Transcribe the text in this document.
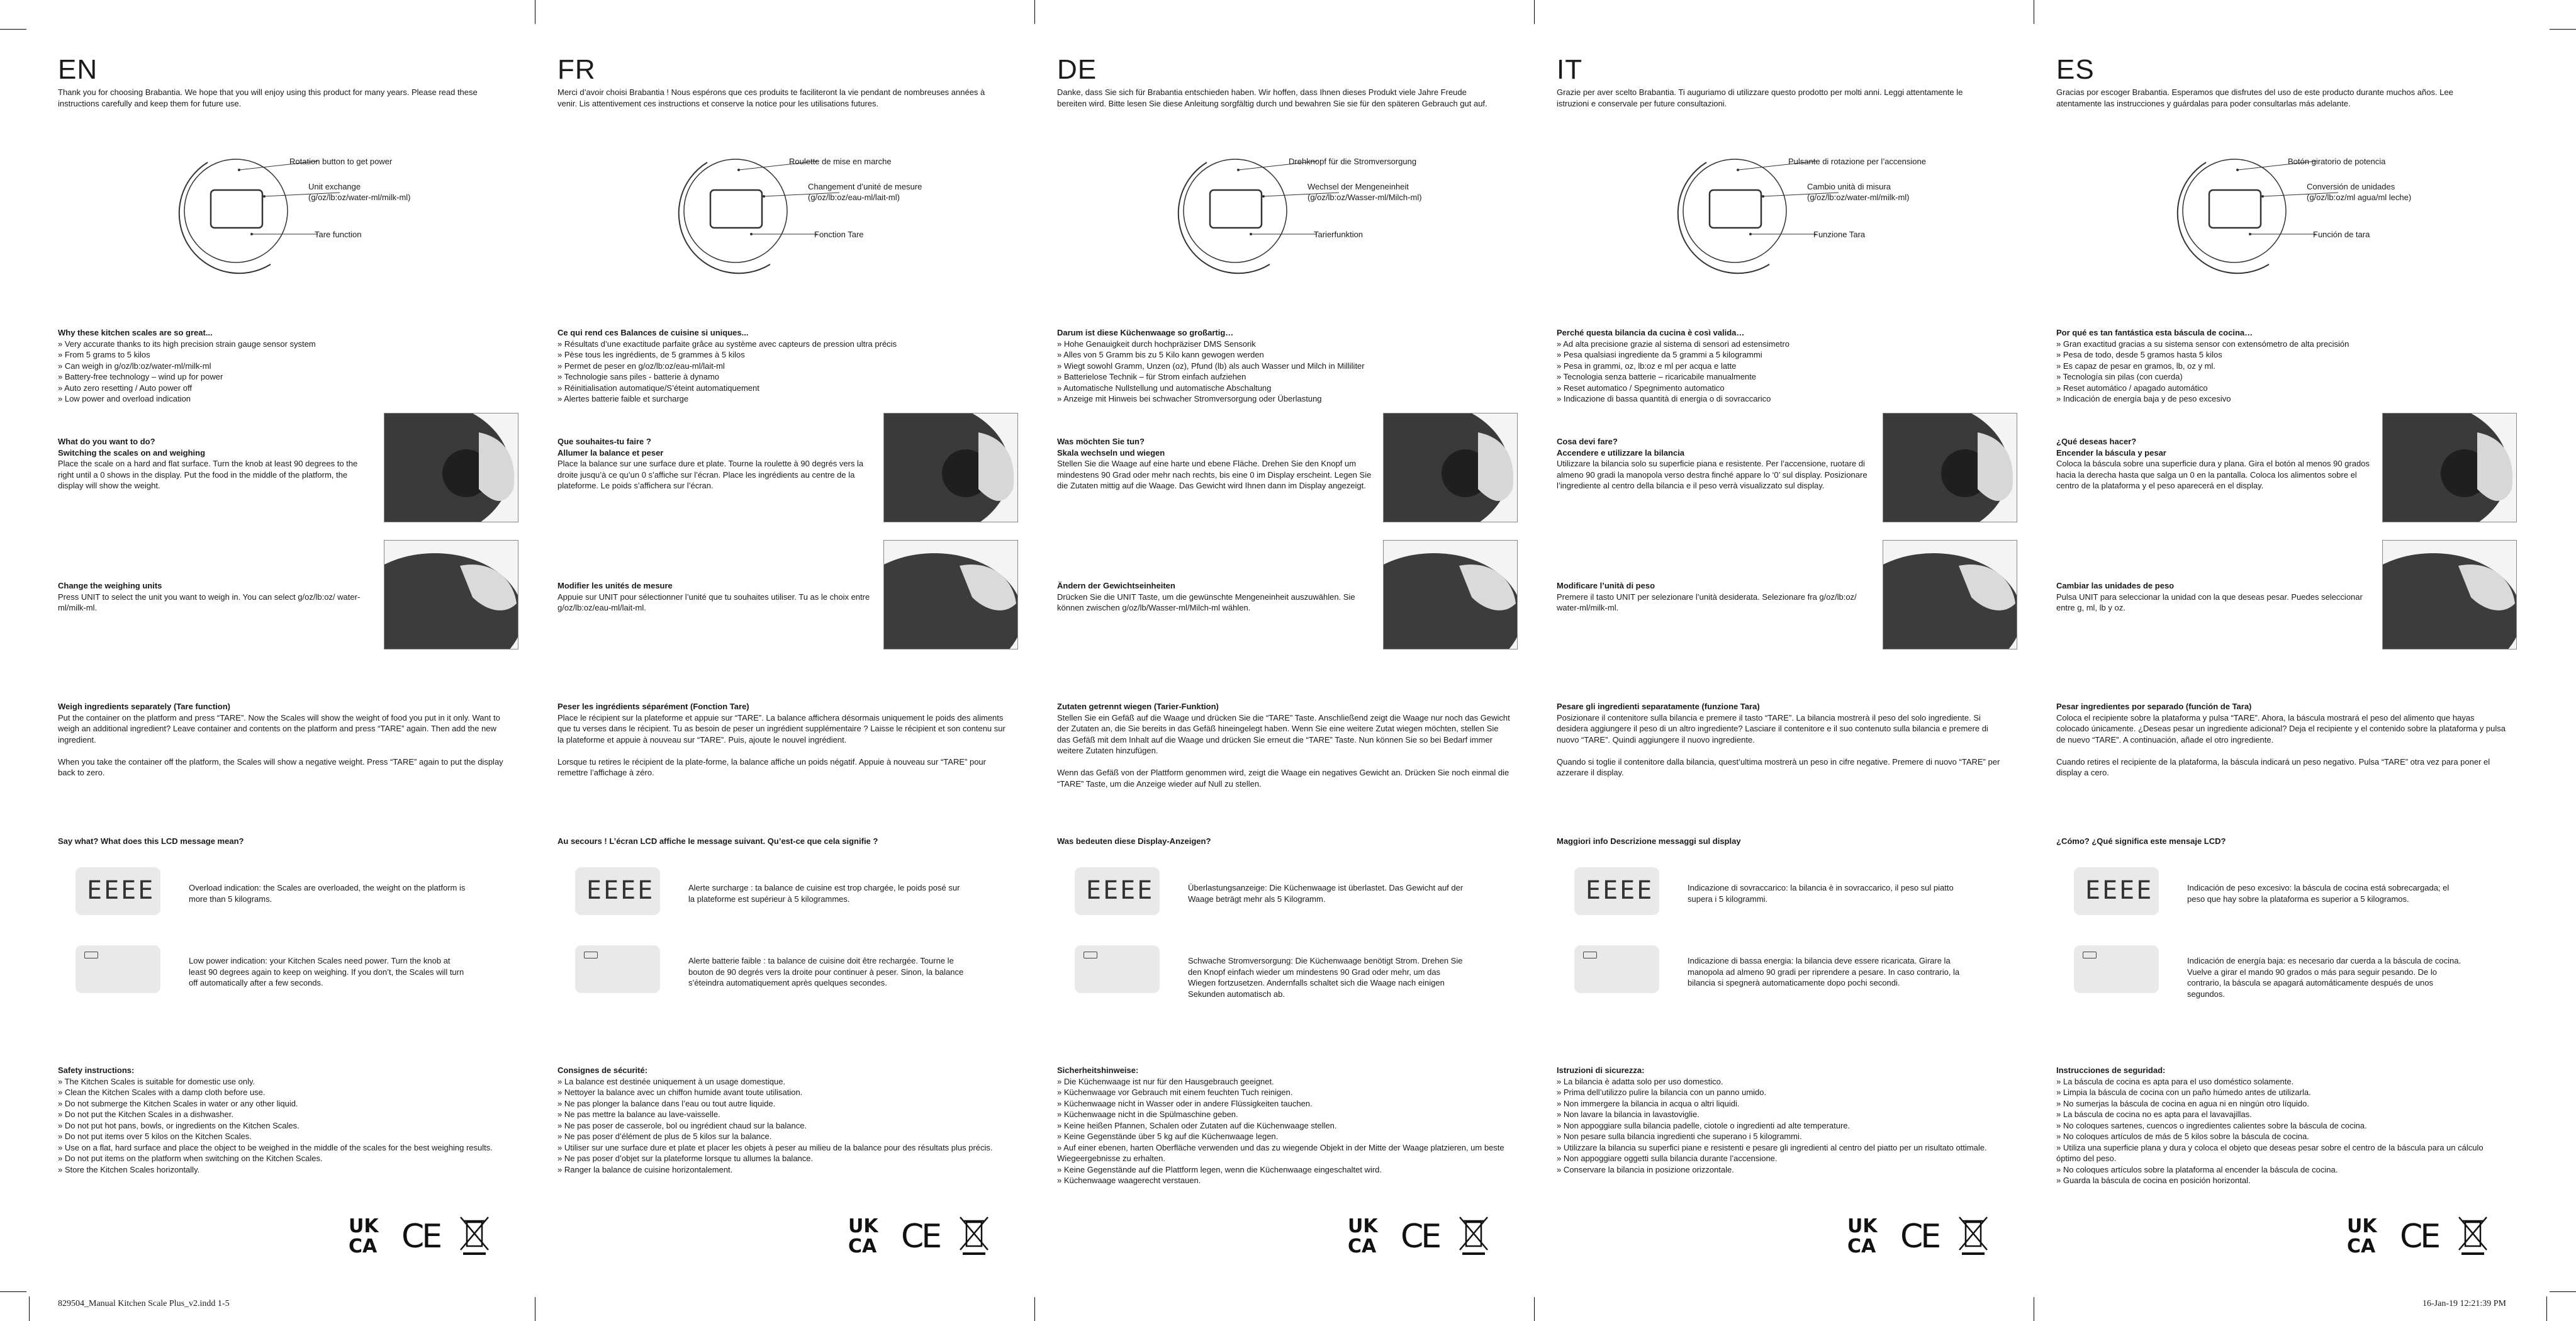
EN
Thank you for choosing Brabantia. We hope that you will enjoy using this product for many years. Please read these instructions carefully and keep them for future use.
Rotation button to get power
Unit exchange
(g/oz/lb:oz/water-ml/milk-ml)
Tare function
Why these kitchen scales are so great...
» Very accurate thanks to its high precision strain gauge sensor system
» From 5 grams to 5 kilos
» Can weigh in g/oz/lb:oz/water-ml/milk-ml
» Battery-free technology – wind up for power
» Auto zero resetting / Auto power off
» Low power and overload indication
What do you want to do?
Switching the scales on and weighing
Place the scale on a hard and flat surface. Turn the knob at least 90 degrees to the right until a 0 shows in the display. Put the food in the middle of the platform, the display will show the weight.
Change the weighing units
Press UNIT to select the unit you want to weigh in. You can select g/oz/lb:oz/ water-ml/milk-ml.
Weigh ingredients separately (Tare function)
Put the container on the platform and press “TARE”. Now the Scales will show the weight of food you put in it only. Want to weigh an additional ingredient? Leave container and contents on the platform and press “TARE” again. Then add the new ingredient.

When you take the container off the platform, the Scales will show a negative weight. Press “TARE” again to put the display back to zero.
Say what? What does this LCD message mean?
EEEE	Overload indication: the Scales are overloaded, the weight on the platform is more than 5 kilograms.
Low power indication: your Kitchen Scales need power. Turn the knob at least 90 degrees again to keep on weighing. If you don’t, the Scales will turn off automatically after a few seconds.
Safety instructions:
» The Kitchen Scales is suitable for domestic use only.
» Clean the Kitchen Scales with a damp cloth before use.
» Do not submerge the Kitchen Scales in water or any other liquid.
» Do not put the Kitchen Scales in a dishwasher.
» Do not put hot pans, bowls, or ingredients on the Kitchen Scales.
» Do not put items over 5 kilos on the Kitchen Scales.
» Use on a flat, hard surface and place the object to be weighed in the middle of the scales for the best weighing results.
» Do not put items on the platform when switching on the Kitchen Scales.
» Store the Kitchen Scales horizontally.
UK
CA CE
FR
Merci d’avoir choisi Brabantia ! Nous espérons que ces produits te faciliteront la vie pendant de nombreuses années à venir. Lis attentivement ces instructions et conserve la notice pour les utilisations futures.
Roulette de mise en marche
Changement d’unité de mesure
(g/oz/lb:oz/eau-ml/lait-ml)
Fonction Tare
Ce qui rend ces Balances de cuisine si uniques...
» Résultats d’une exactitude parfaite grâce au système avec capteurs de pression ultra précis
» Pèse tous les ingrédients, de 5 grammes à 5 kilos
» Permet de peser en g/oz/lb:oz/eau-ml/lait-ml
» Technologie sans piles - batterie à dynamo
» Réinitialisation automatique/S’éteint automatiquement
» Alertes batterie faible et surcharge
Que souhaites-tu faire ?
Allumer la balance et peser
Place la balance sur une surface dure et plate. Tourne la roulette à 90 degrés vers la droite jusqu’à ce qu’un 0 s’affiche sur l’écran. Place les ingrédients au centre de la plateforme. Le poids s’affichera sur l’écran.
Modifier les unités de mesure
Appuie sur UNIT pour sélectionner l’unité que tu souhaites utiliser. Tu as le choix entre g/oz/lb:oz/eau-ml/lait-ml.
Peser les ingrédients séparément (Fonction Tare)
Place le récipient sur la plateforme et appuie sur “TARE”. La balance affichera désormais uniquement le poids des aliments que tu verses dans le récipient. Tu as besoin de peser un ingrédient supplémentaire ? Laisse le récipient et son contenu sur la plateforme et appuie à nouveau sur “TARE”. Puis, ajoute le nouvel ingrédient.

Lorsque tu retires le récipient de la plate-forme, la balance affiche un poids négatif. Appuie à nouveau sur “TARE” pour remettre l’affichage à zéro.
Au secours ! L’écran LCD affiche le message suivant. Qu’est-ce que cela signifie ?
EEEE	Alerte surcharge : ta balance de cuisine est trop chargée, le poids posé sur la plateforme est supérieur à 5 kilogrammes.
Alerte batterie faible : ta balance de cuisine doit être rechargée. Tourne le bouton de 90 degrés vers la droite pour continuer à peser. Sinon, la balance s’éteindra automatiquement après quelques secondes.
Consignes de sécurité:
» La balance est destinée uniquement à un usage domestique.
» Nettoyer la balance avec un chiffon humide avant toute utilisation.
» Ne pas plonger la balance dans l’eau ou tout autre liquide.
» Ne pas mettre la balance au lave-vaisselle.
» Ne pas poser de casserole, bol ou ingrédient chaud sur la balance.
» Ne pas poser d’élément de plus de 5 kilos sur la balance.
» Utiliser sur une surface dure et plate et placer les objets à peser au milieu de la balance pour des résultats plus précis.
» Ne pas poser d’objet sur la plateforme lorsque tu allumes la balance.
» Ranger la balance de cuisine horizontalement.
UK
CA CE
DE
Danke, dass Sie sich für Brabantia entschieden haben. Wir hoffen, dass Ihnen dieses Produkt viele Jahre Freude bereiten wird. Bitte lesen Sie diese Anleitung sorgfältig durch und bewahren Sie sie für den späteren Gebrauch gut auf.
Drehknopf für die Stromversorgung
Wechsel der Mengeneinheit
(g/oz/lb:oz/Wasser-ml/Milch-ml)
Tarierfunktion
Darum ist diese Küchenwaage so großartig…
» Hohe Genauigkeit durch hochpräziser DMS Sensorik
» Alles von 5 Gramm bis zu 5 Kilo kann gewogen werden
» Wiegt sowohl Gramm, Unzen (oz), Pfund (lb) als auch Wasser und Milch in Milliliter
» Batterielose Technik – für Strom einfach aufziehen
» Automatische Nullstellung und automatische Abschaltung
» Anzeige mit Hinweis bei schwacher Stromversorgung oder Überlastung
Was möchten Sie tun?
Skala wechseln und wiegen
Stellen Sie die Waage auf eine harte und ebene Fläche. Drehen Sie den Knopf um mindestens 90 Grad oder mehr nach rechts, bis eine 0 im Display erscheint. Legen Sie die Zutaten mittig auf die Waage. Das Gewicht wird Ihnen dann im Display angezeigt.
Ändern der Gewichtseinheiten
Drücken Sie die UNIT Taste, um die gewünschte Mengeneinheit auszuwählen. Sie können zwischen g/oz/lb/Wasser-ml/Milch-ml wählen.
Zutaten getrennt wiegen (Tarier-Funktion)
Stellen Sie ein Gefäß auf die Waage und drücken Sie die “TARE” Taste. Anschließend zeigt die Waage nur noch das Gewicht der Zutaten an, die Sie bereits in das Gefäß hineingelegt haben. Wenn Sie eine weitere Zutat wiegen möchten, stellen Sie das Gefäß mit dem Inhalt auf die Waage und drücken Sie erneut die “TARE” Taste. Nun können Sie so bei Bedarf immer weitere Zutaten hinzufügen.

Wenn das Gefäß von der Plattform genommen wird, zeigt die Waage ein negatives Gewicht an. Drücken Sie noch einmal die “TARE” Taste, um die Anzeige wieder auf Null zu stellen.
Was bedeuten diese Display-Anzeigen?
EEEE	Überlastungsanzeige: Die Küchenwaage ist überlastet. Das Gewicht auf der Waage beträgt mehr als 5 Kilogramm.
Schwache Stromversorgung: Die Küchenwaage benötigt Strom. Drehen Sie den Knopf einfach wieder um mindestens 90 Grad oder mehr, um das Wiegen fortzusetzen. Andernfalls schaltet sich die Waage nach einigen Sekunden automatisch ab.
Sicherheitshinweise:
» Die Küchenwaage ist nur für den Hausgebrauch geeignet.
» Küchenwaage vor Gebrauch mit einem feuchten Tuch reinigen.
» Küchenwaage nicht in Wasser oder in andere Flüssigkeiten tauchen.
» Küchenwaage nicht in die Spülmaschine geben.
» Keine heißen Pfannen, Schalen oder Zutaten auf die Küchenwaage stellen.
» Keine Gegenstände über 5 kg auf die Küchenwaage legen.
» Auf einer ebenen, harten Oberfläche verwenden und das zu wiegende Objekt in der Mitte der Waage platzieren, um beste Wiegeergebnisse zu erhalten.
» Keine Gegenstände auf die Plattform legen, wenn die Küchenwaage eingeschaltet wird.
» Küchenwaage waagerecht verstauen.
UK
CA CE
IT
Grazie per aver scelto Brabantia. Ti auguriamo di utilizzare questo prodotto per molti anni. Leggi attentamente le istruzioni e conservale per future consultazioni.
Pulsante di rotazione per l’accensione
Cambio unità di misura
(g/oz/lb:oz/water-ml/milk-ml)
Funzione Tara
Perché questa bilancia da cucina è così valida…
» Ad alta precisione grazie al sistema di sensori ad estensimetro
» Pesa qualsiasi ingrediente da 5 grammi a 5 kilogrammi
» Pesa in grammi, oz, lb:oz e ml per acqua e latte
» Tecnologia senza batterie – ricaricabile manualmente
» Reset automatico / Spegnimento automatico
» Indicazione di bassa quantità di energia o di sovraccarico
Cosa devi fare?
Accendere e utilizzare la bilancia
Utilizzare la bilancia solo su superficie piana e resistente. Per l’accensione, ruotare di almeno 90 gradi la manopola verso destra finché appare lo ‘0’ sul display. Posizionare l’ingrediente al centro della bilancia e il peso verrà visualizzato sul display.
Modificare l’unità di peso
Premere il tasto UNIT per selezionare l’unità desiderata. Selezionare fra g/oz/lb:oz/ water-ml/milk-ml.
Pesare gli ingredienti separatamente (funzione Tara)
Posizionare il contenitore sulla bilancia e premere il tasto “TARE”. La bilancia mostrerà il peso del solo ingrediente. Si desidera aggiungere il peso di un altro ingrediente? Lasciare il contenitore e il suo contenuto sulla bilancia e premere di nuovo “TARE”. Quindi aggiungere il nuovo ingrediente.

Quando si toglie il contenitore dalla bilancia, quest’ultima mostrerà un peso in cifre negative. Premere di nuovo “TARE” per azzerare il display.
Maggiori info Descrizione messaggi sul display
EEEE	Indicazione di sovraccarico: la bilancia è in sovraccarico, il peso sul piatto supera i 5 kilogrammi.
Indicazione di bassa energia: la bilancia deve essere ricaricata. Girare la manopola ad almeno 90 gradi per riprendere a pesare. In caso contrario, la bilancia si spegnerà automaticamente dopo pochi secondi.
Istruzioni di sicurezza:
» La bilancia è adatta solo per uso domestico.
» Prima dell’utilizzo pulire la bilancia con un panno umido.
» Non immergere la bilancia in acqua o altri liquidi.
» Non lavare la bilancia in lavastoviglie.
» Non appoggiare sulla bilancia padelle, ciotole o ingredienti ad alte temperature.
» Non pesare sulla bilancia ingredienti che superano i 5 kilogrammi.
» Utilizzare la bilancia su superfici piane e resistenti e pesare gli ingredienti al centro del piatto per un risultato ottimale.
» Non appoggiare oggetti sulla bilancia durante l’accensione.
» Conservare la bilancia in posizione orizzontale.
UK
CA CE
ES
Gracias por escoger Brabantia. Esperamos que disfrutes del uso de este producto durante muchos años. Lee atentamente las instrucciones y guárdalas para poder consultarlas más adelante.
Botón giratorio de potencia
Conversión de unidades
(g/oz/lb:oz/ml agua/ml leche)
Función de tara
Por qué es tan fantástica esta báscula de cocina…
» Gran exactitud gracias a su sistema sensor con extensómetro de alta precisión
» Pesa de todo, desde 5 gramos hasta 5 kilos
» Es capaz de pesar en gramos, lb, oz y ml.
» Tecnología sin pilas (con cuerda)
» Reset automático / apagado automático
» Indicación de energía baja y de peso excesivo
¿Qué deseas hacer?
Encender la báscula y pesar
Coloca la báscula sobre una superficie dura y plana. Gira el botón al menos 90 grados hacia la derecha hasta que salga un 0 en la pantalla. Coloca los alimentos sobre el centro de la plataforma y el peso aparecerá en el display.
Cambiar las unidades de peso
Pulsa UNIT para seleccionar la unidad con la que deseas pesar. Puedes seleccionar entre g, ml, lb y oz.
Pesar ingredientes por separado (función de Tara)
Coloca el recipiente sobre la plataforma y pulsa “TARE”. Ahora, la báscula mostrará el peso del alimento que hayas colocado únicamente. ¿Deseas pesar un ingrediente adicional? Deja el recipiente y el contenido sobre la plataforma y pulsa de nuevo “TARE”. A continuación, añade el otro ingrediente.

Cuando retires el recipiente de la plataforma, la báscula indicará un peso negativo. Pulsa “TARE” otra vez para poner el display a cero.
¿Cómo? ¿Qué significa este mensaje LCD?
EEEE	Indicación de peso excesivo: la báscula de cocina está sobrecargada; el peso que hay sobre la plataforma es superior a 5 kilogramos.
Indicación de energía baja: es necesario dar cuerda a la báscula de cocina. Vuelve a girar el mando 90 grados o más para seguir pesando. De lo contrario, la báscula se apagará automáticamente después de unos segundos.
Instrucciones de seguridad:
» La báscula de cocina es apta para el uso doméstico solamente.
» Limpia la báscula de cocina con un paño húmedo antes de utilizarla.
» No sumerjas la báscula de cocina en agua ni en ningún otro líquido.
» La báscula de cocina no es apta para el lavavajillas.
» No coloques sartenes, cuencos o ingredientes calientes sobre la báscula de cocina.
» No coloques artículos de más de 5 kilos sobre la báscula de cocina.
» Utiliza una superficie plana y dura y coloca el objeto que deseas pesar sobre el centro de la báscula para un cálculo óptimo del peso.
» No coloques artículos sobre la plataforma al encender la báscula de cocina.
» Guarda la báscula de cocina en posición horizontal.
UK
CA CE
829504_Manual Kitchen Scale Plus_v2.indd 1-5	16-Jan-19 12:21:39 PM
